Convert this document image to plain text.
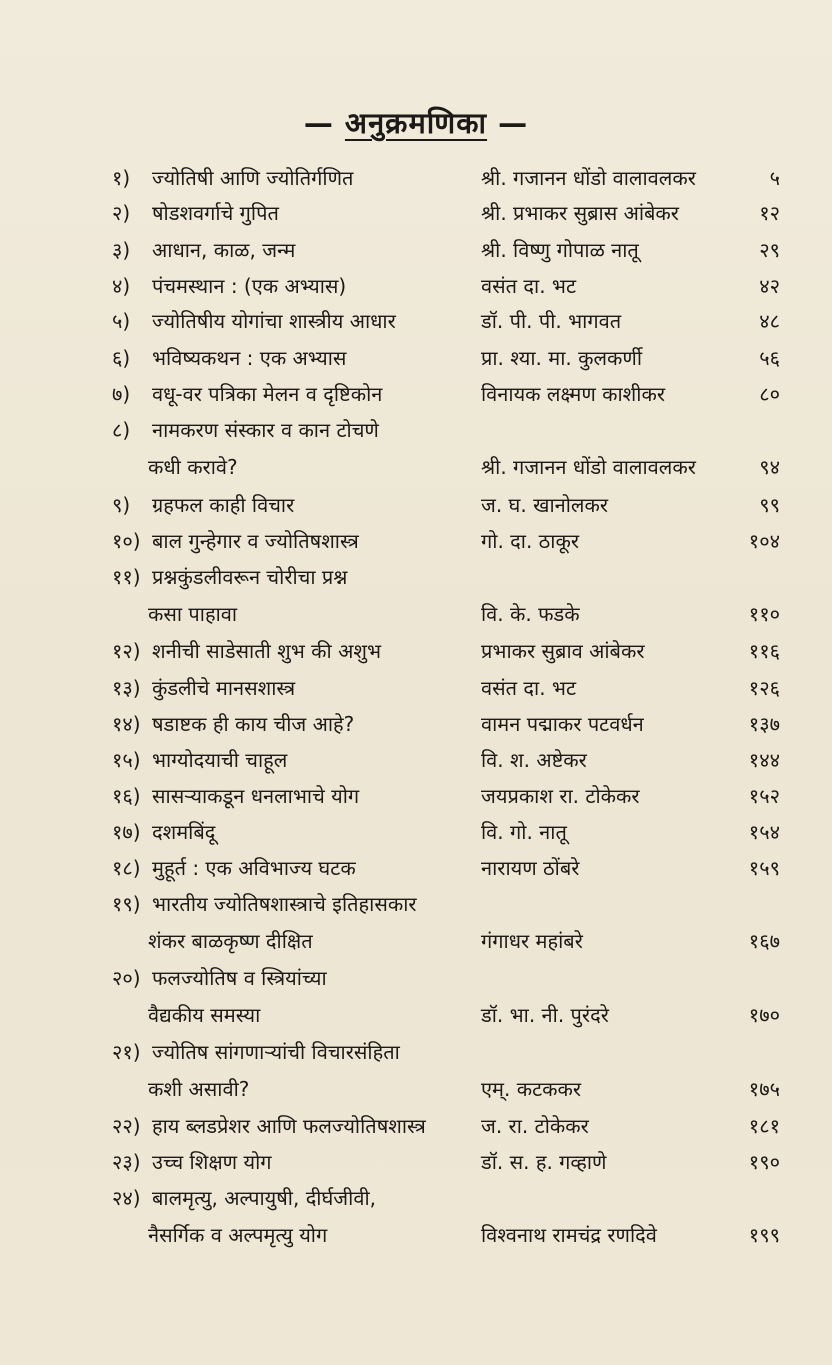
— अनुक्रमणिका —
१) ज्योतिषी आणि ज्योतिर्गणित	श्री. गजानन धोंडो वालावलकर	५
२) षोडशवर्गाचे गुपित	श्री. प्रभाकर सुब्रास आंबेकर	१२
३) आधान, काळ, जन्म	श्री. विष्णु गोपाळ नातू	२९
४) पंचमस्थान : (एक अभ्यास)	वसंत दा. भट	४२
५) ज्योतिषीय योगांचा शास्त्रीय आधार	डॉ. पी. पी. भागवत	४८
६) भविष्यकथन : एक अभ्यास	प्रा. श्या. मा. कुलकर्णी	५६
७) वधू-वर पत्रिका मेलन व दृष्टिकोन	विनायक लक्ष्मण काशीकर	८०
८) नामकरण संस्कार व कान टोचणे
कधी करावे?	श्री. गजानन धोंडो वालावलकर	९४
९) ग्रहफल काही विचार	ज. घ. खानोलकर	९९
१०) बाल गुन्हेगार व ज्योतिषशास्त्र	गो. दा. ठाकूर	१०४
११) प्रश्नकुंडलीवरून चोरीचा प्रश्न
कसा पाहावा	वि. के. फडके	११०
१२) शनीची साडेसाती शुभ की अशुभ	प्रभाकर सुब्राव आंबेकर	११६
१३) कुंडलीचे मानसशास्त्र	वसंत दा. भट	१२६
१४) षडाष्टक ही काय चीज आहे?	वामन पद्माकर पटवर्धन	१३७
१५) भाग्योदयाची चाहूल	वि. श. अष्टेकर	१४४
१६) सासऱ्याकडून धनलाभाचे योग	जयप्रकाश रा. टोकेकर	१५२
१७) दशमबिंदू	वि. गो. नातू	१५४
१८) मुहूर्त : एक अविभाज्य घटक	नारायण ठोंबरे	१५९
१९) भारतीय ज्योतिषशास्त्राचे इतिहासकार
शंकर बाळकृष्ण दीक्षित	गंगाधर महांबरे	१६७
२०) फलज्योतिष व स्त्रियांच्या
वैद्यकीय समस्या	डॉ. भा. नी. पुरंदरे	१७०
२१) ज्योतिष सांगणाऱ्यांची विचारसंहिता
कशी असावी?	एम्. कटककर	१७५
२२) हाय ब्लडप्रेशर आणि फलज्योतिषशास्त्र	ज. रा. टोकेकर	१८१
२३) उच्च शिक्षण योग	डॉ. स. ह. गव्हाणे	१९०
२४) बालमृत्यु, अल्पायुषी, दीर्घजीवी,
नैसर्गिक व अल्पमृत्यु योग	विश्वनाथ रामचंद्र रणदिवे	१९९
